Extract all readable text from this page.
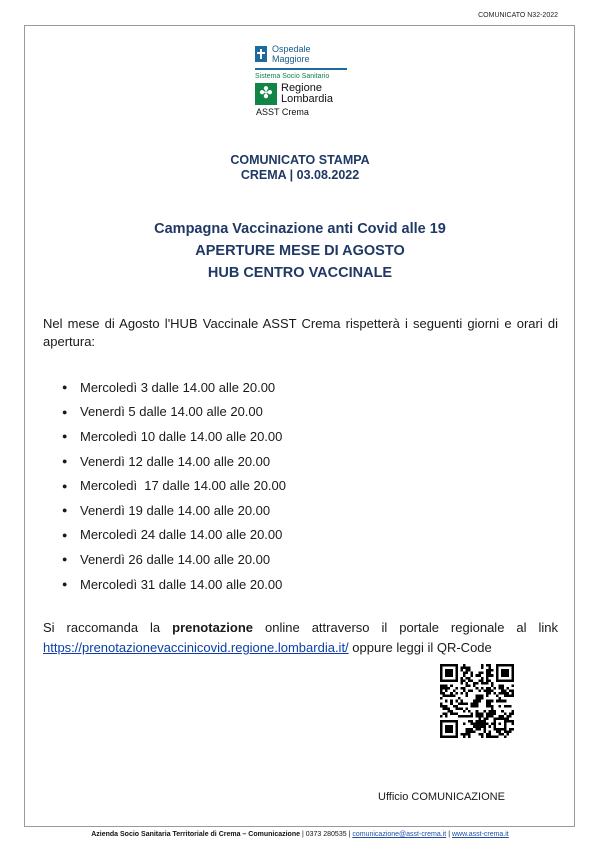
COMUNICATO N32-2022
Ospedale
Maggiore
Sistema Socio Sanitario
✤ Regione
Lombardia
ASST Crema
COMUNICATO STAMPA
CREMA | 03.08.2022
Campagna Vaccinazione anti Covid alle 19
APERTURE MESE DI AGOSTO
HUB CENTRO VACCINALE
Nel mese di Agosto l'HUB Vaccinale ASST Crema rispetterà i seguenti giorni e orari di apertura:
● Mercoledì 3
dalle 14.00 alle 20.00
● Venerdì 5
dalle 14.00 alle 20.00
● Mercoledì 10
dalle 14.00 alle 20.00
● Venerdì 12
dalle 14.00 alle 20.00
● Mercoledì  17
dalle 14.00 alle 20.00
● Venerdì 19
dalle 14.00 alle 20.00
● Mercoledì 24
dalle 14.00 alle 20.00
● Venerdì 26
dalle 14.00 alle 20.00
● Mercoledì 31
dalle 14.00 alle 20.00
Si raccomanda la prenotazione online attraverso il portale regionale al link
https://prenotazionevaccinicovid.regione.lombardia.it/ oppure leggi il QR-Code
Ufficio COMUNICAZIONE
Azienda Socio Sanitaria Territoriale di Crema – Comunicazione | 0373 280535 | comunicazione@asst-crema.it | www.asst-crema.it
